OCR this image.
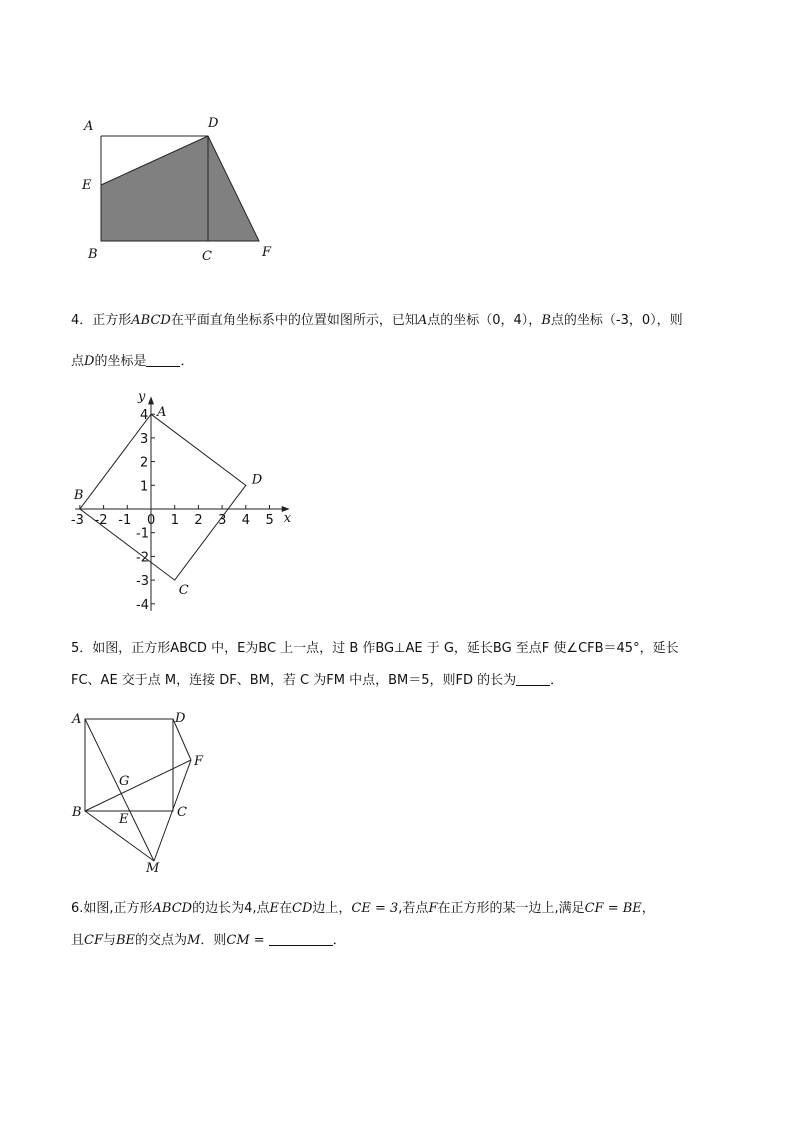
A	D
E
B	C	F
4．正方形ABCD在平面直角坐标系中的位置如图所示，已知A点的坐标（0，4），B点的坐标（-3，0），则
点D的坐标是	．
-3 -2 -1 0 1 2 3 4 5
4
3
2
1
-1
-2
-3
-4
x
y
A
B
C
D
5．如图，正方形ABCD 中，E为BC 上一点，过 B 作BG⊥AE 于 G，延长BG 至点F 使∠CFB＝45°，延长
FC、AE 交于点 M，连接 DF、BM，若 C 为FM 中点，BM＝5，则FD 的长为	．
A	D
F
G
B	E	C
M
6.如图,正方形ABCD的边长为4,点E在CD边上，CE = 3,若点F在正方形的某一边上,满足CF = BE，
且CF与BE的交点为M．则CM =	．
